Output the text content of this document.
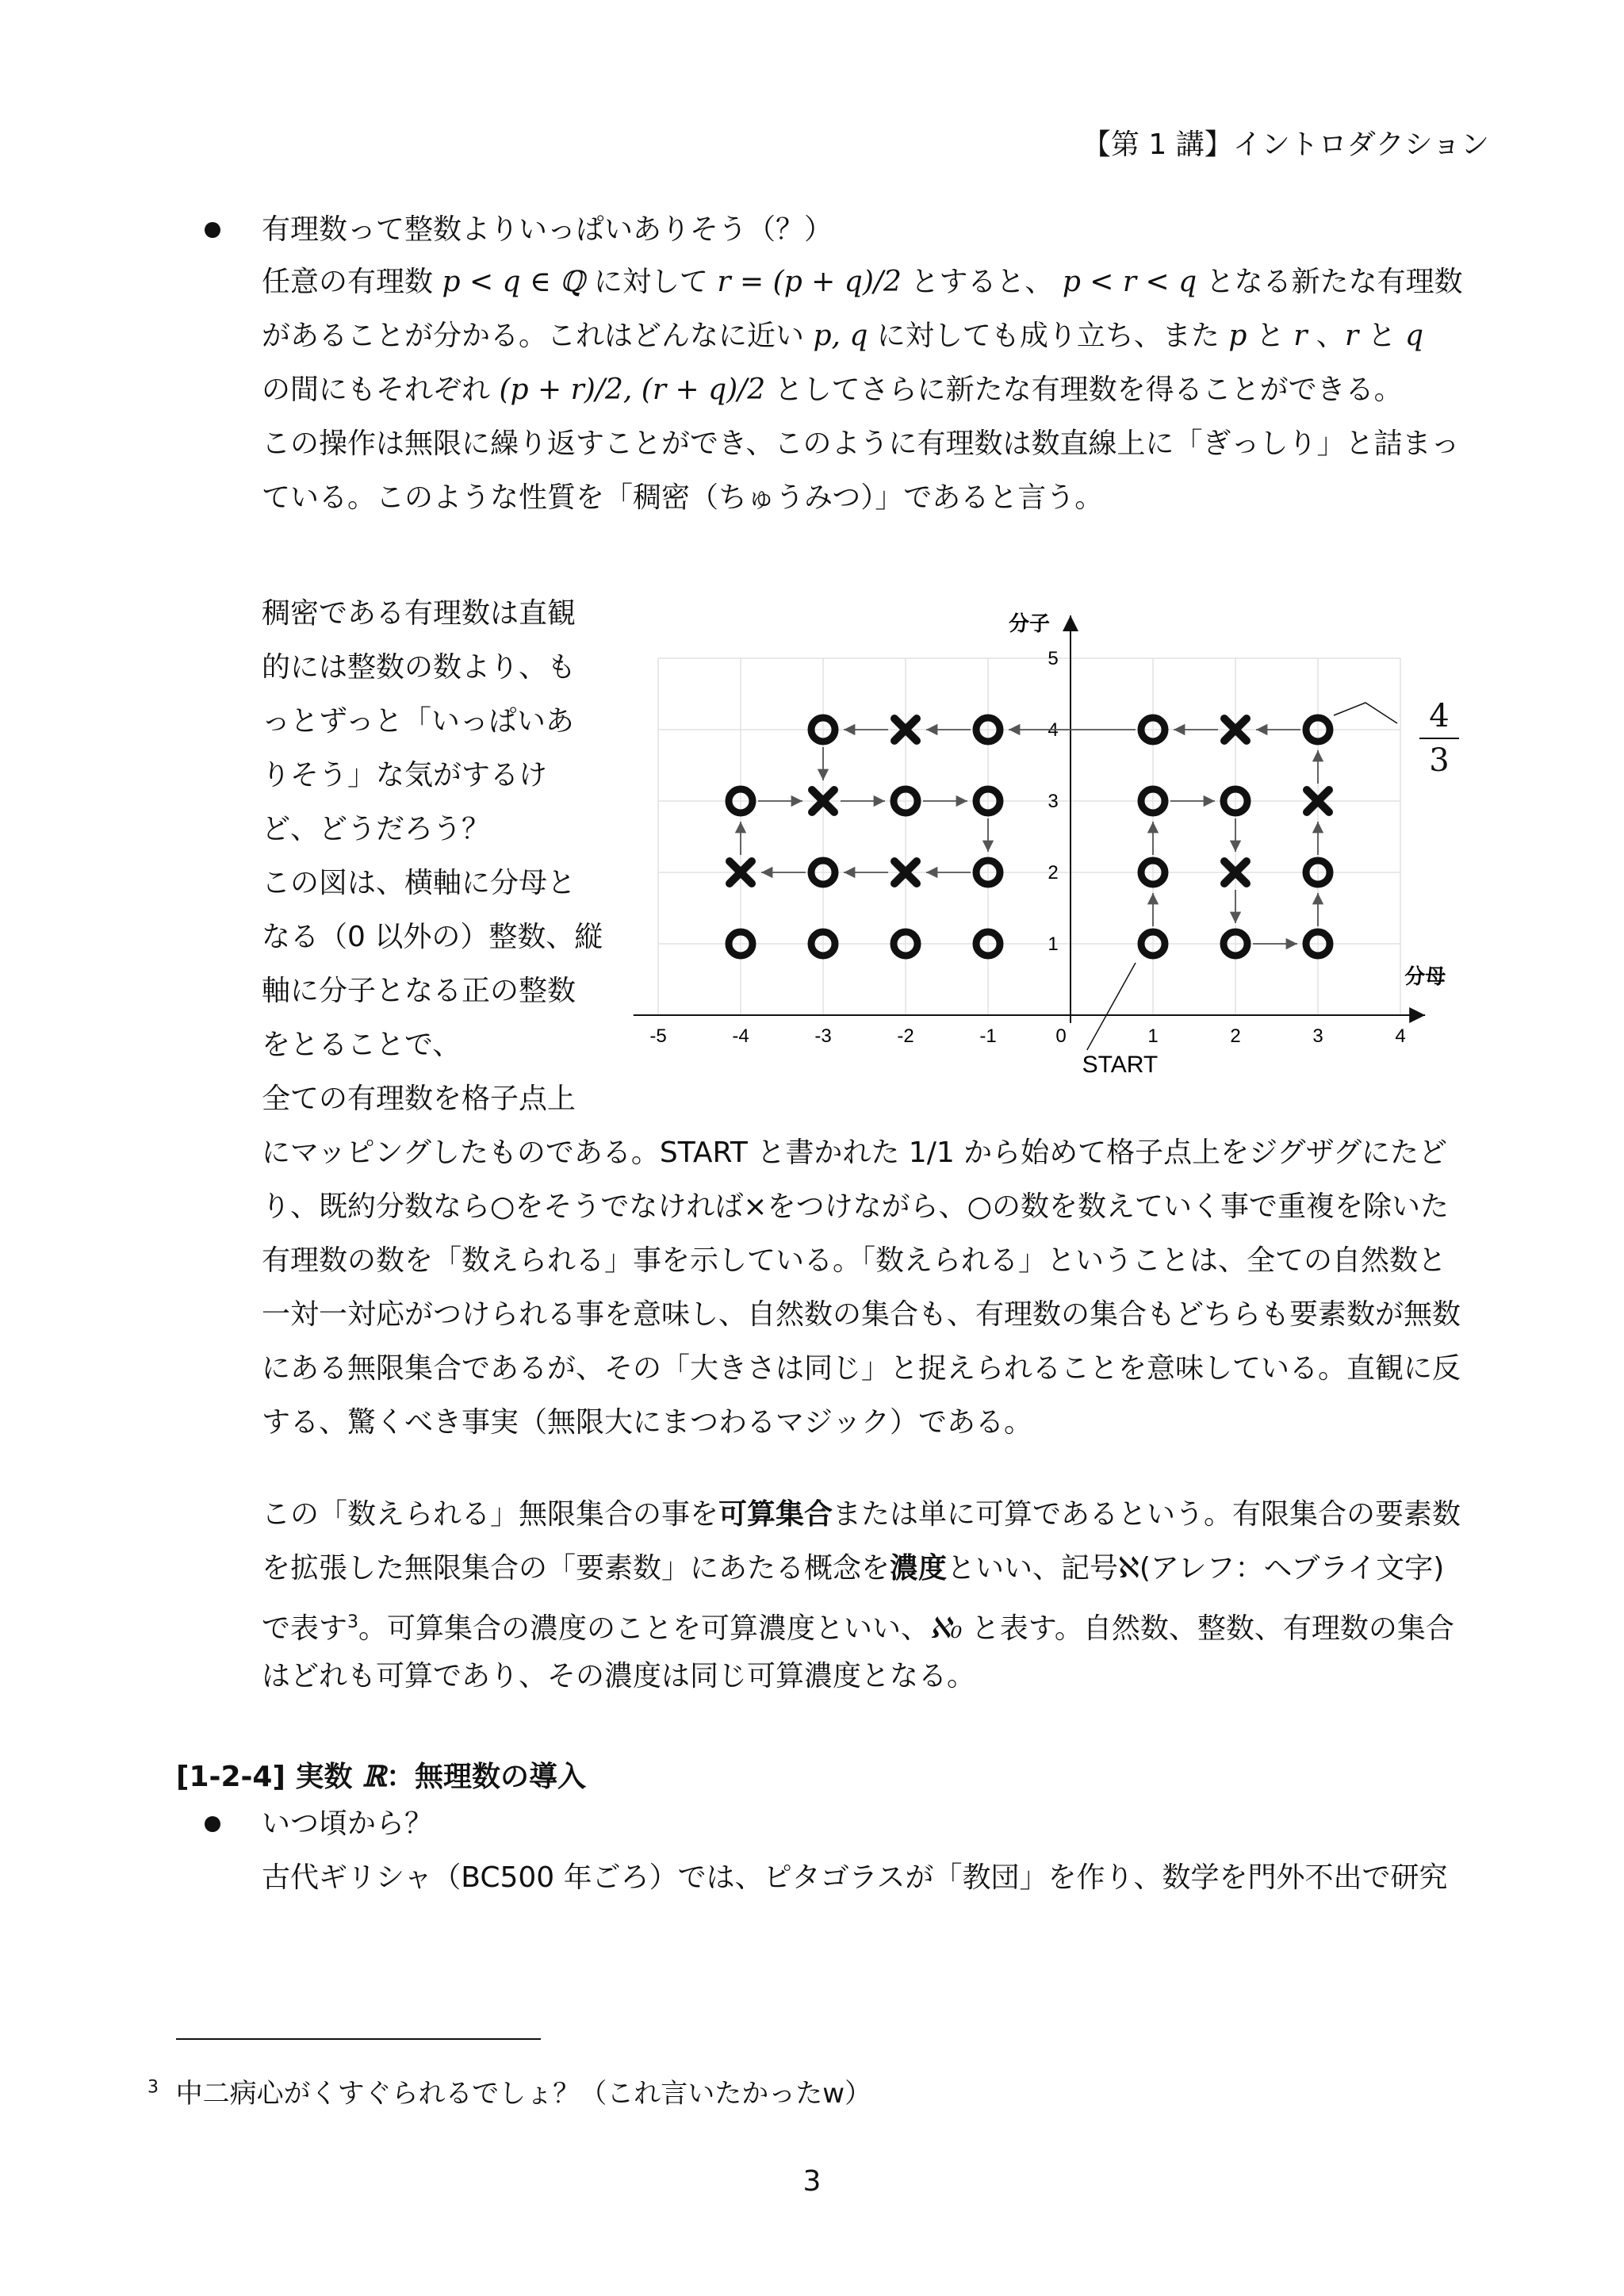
【第 1 講】イントロダクション
有理数って整数よりいっぱいありそう（？）
任意の有理数 p < q ∈ ℚ に対して r = (p + q)/2 とすると、 p < r < q となる新たな有理数
があることが分かる。これはどんなに近い p, q に対しても成り立ち、また p と r 、r と q
の間にもそれぞれ (p + r)/2, (r + q)/2 としてさらに新たな有理数を得ることができる。
この操作は無限に繰り返すことができ、このように有理数は数直線上に「ぎっしり」と詰まっ
ている。このような性質を「稠密（ちゅうみつ）」であると言う。
稠密である有理数は直観
的には整数の数より、も
っとずっと「いっぱいあ
りそう」な気がするけ
ど、どうだろう？
この図は、横軸に分母と
なる（0 以外の）整数、縦
軸に分子となる正の整数
をとることで、
全ての有理数を格子点上
-5	-4	-3	-2	-1	0	1	2	3	4
1
2
3
4
5
分母
分子
START
4
3
にマッピングしたものである。START と書かれた 1/1 から始めて格子点上をジグザグにたど
り、既約分数なら○をそうでなければ×をつけながら、○の数を数えていく事で重複を除いた
有理数の数を「数えられる」事を示している。「数えられる」ということは、全ての自然数と
一対一対応がつけられる事を意味し、自然数の集合も、有理数の集合もどちらも要素数が無数
にある無限集合であるが、その「大きさは同じ」と捉えられることを意味している。直観に反
する、驚くべき事実（無限大にまつわるマジック）である。
この「数えられる」無限集合の事を可算集合または単に可算であるという。有限集合の要素数
を拡張した無限集合の「要素数」にあたる概念を濃度といい、記号ℵ(アレフ：ヘブライ文字)
で表す$^3$。可算集合の濃度のことを可算濃度といい、ℵ₀ と表す。自然数、整数、有理数の集合
はどれも可算であり、その濃度は同じ可算濃度となる。
[1-2-4] 実数 ℝ：無理数の導入
いつ頃から？
古代ギリシャ（BC500 年ごろ）では、ピタゴラスが「教団」を作り、数学を門外不出で研究
$^3$ 中二病心がくすぐられるでしょ？（これ言いたかったw）
3
